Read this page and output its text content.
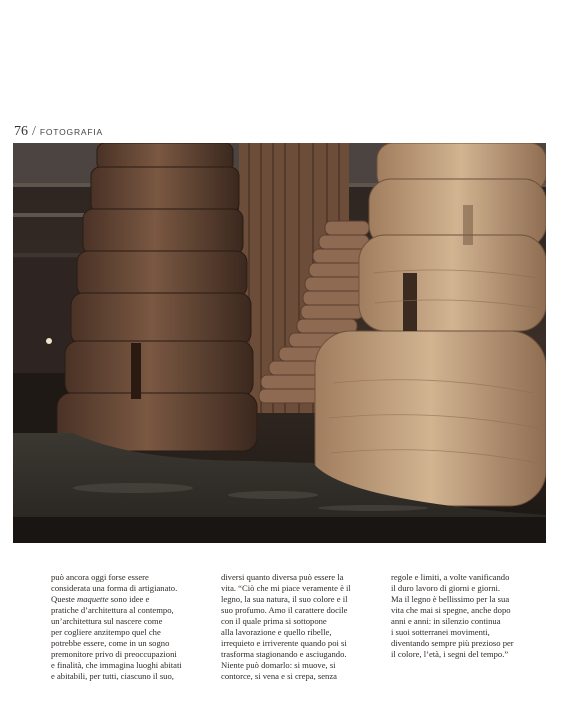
76 / FOTOGRAFIA

può ancora oggi forse essere

considerata una forma di artigianato.

Queste maquette sono idee e

pratiche d’architettura al contempo,

un’architettura sul nascere come

per cogliere anzitempo quel che

potrebbe essere, come in un sogno

premonitore privo di preoccupazioni

e finalità, che immagina luoghi abitati

e abitabili, per tutti, ciascuno il suo,

diversi quanto diversa può essere la

vita. “Ciò che mi piace veramente è il

legno, la sua natura, il suo colore e il

suo profumo. Amo il carattere docile

con il quale prima si sottopone

alla lavorazione e quello ribelle,

irrequieto e irriverente quando poi si

trasforma stagionando e asciugando.

Niente può domarlo: si muove, si

contorce, si vena e si crepa, senza

regole e limiti, a volte vanificando

il duro lavoro di giorni e giorni.

Ma il legno è bellissimo per la sua

vita che mai si spegne, anche dopo

anni e anni: in silenzio continua

i suoi sotterranei movimenti,

diventando sempre più prezioso per

il colore, l’età, i segni del tempo.”
